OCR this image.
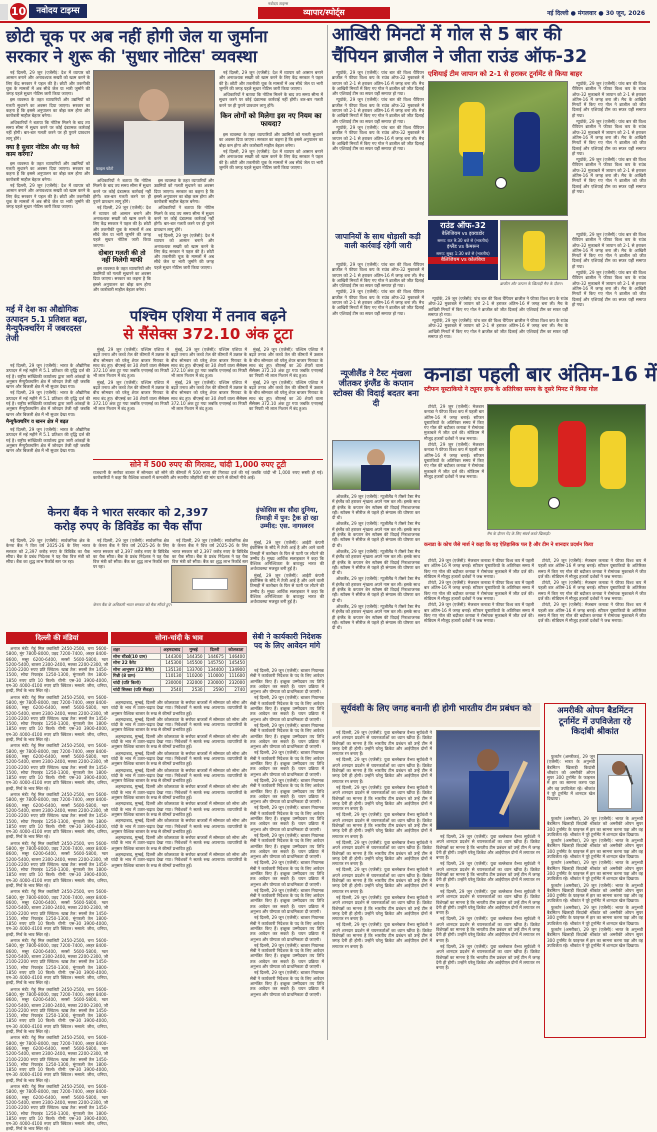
10	नवोदय टाइम्स
नवोदय टाइम्स
व्यापार/स्पोर्ट्स	नई दिल्ली ● मंगलवार ● 30 जून, 2026
छोटी चूक पर अब नहीं होगी जेल या जुर्माना
सरकार ने शुरू की 'सुधार नोटिस' व्यवस्था

नई दिल्ली, 29 जून (एजेंसी): देश में व्यापार को आसान बनाने और अनावश्यक सख्ती को खत्म करने के लिए केंद्र सरकार ने पहल की है। छोटी और तकनीकी चूक के मामलों में अब सीधे जेल या भारी जुर्माने की जगह पहले सुधार नोटिस जारी किया जाएगा।

इस व्यवस्था के तहत व्यापारियों और उद्यमियों को गलती सुधारने का अवसर दिया जाएगा। सरकार का कहना है कि इससे अनुपालन का बोझ कम होगा और कारोबारी माहौल बेहतर बनेगा।

अधिकारियों ने बताया कि नोटिस मिलने के बाद तय समय सीमा में सुधार करने पर कोई दंडात्मक कार्रवाई नहीं होगी। बार-बार गलती करने पर ही पुराने प्रावधान लागू होंगे।

क्या है सुधार नोटिस और यह कैसे काम करेगा?

इस व्यवस्था के तहत व्यापारियों और उद्यमियों को गलती सुधारने का अवसर दिया जाएगा। सरकार का कहना है कि इससे अनुपालन का बोझ कम होगा और कारोबारी माहौल बेहतर बनेगा।

नई दिल्ली, 29 जून (एजेंसी): देश में व्यापार को आसान बनाने और अनावश्यक सख्ती को खत्म करने के लिए केंद्र सरकार ने पहल की है। छोटी और तकनीकी चूक के मामलों में अब सीधे जेल या भारी जुर्माने की जगह पहले सुधार नोटिस जारी किया जाएगा।

फाइल फोटो

अधिकारियों ने बताया कि नोटिस मिलने के बाद तय समय सीमा में सुधार करने पर कोई दंडात्मक कार्रवाई नहीं होगी। बार-बार गलती करने पर ही पुराने प्रावधान लागू होंगे।

नई दिल्ली, 29 जून (एजेंसी): देश में व्यापार को आसान बनाने और अनावश्यक सख्ती को खत्म करने के लिए केंद्र सरकार ने पहल की है। छोटी और तकनीकी चूक के मामलों में अब सीधे जेल या भारी जुर्माने की जगह पहले सुधार नोटिस जारी किया जाएगा।

दोबारा गलती की तो नहीं मिलेगी माफी

इस व्यवस्था के तहत व्यापारियों और उद्यमियों को गलती सुधारने का अवसर दिया जाएगा। सरकार का कहना है कि इससे अनुपालन का बोझ कम होगा और कारोबारी माहौल बेहतर बनेगा।

इस व्यवस्था के तहत व्यापारियों और उद्यमियों को गलती सुधारने का अवसर दिया जाएगा। सरकार का कहना है कि इससे अनुपालन का बोझ कम होगा और कारोबारी माहौल बेहतर बनेगा।

अधिकारियों ने बताया कि नोटिस मिलने के बाद तय समय सीमा में सुधार करने पर कोई दंडात्मक कार्रवाई नहीं होगी। बार-बार गलती करने पर ही पुराने प्रावधान लागू होंगे।

नई दिल्ली, 29 जून (एजेंसी): देश में व्यापार को आसान बनाने और अनावश्यक सख्ती को खत्म करने के लिए केंद्र सरकार ने पहल की है। छोटी और तकनीकी चूक के मामलों में अब सीधे जेल या भारी जुर्माने की जगह पहले सुधार नोटिस जारी किया जाएगा।

नई दिल्ली, 29 जून (एजेंसी): देश में व्यापार को आसान बनाने और अनावश्यक सख्ती को खत्म करने के लिए केंद्र सरकार ने पहल की है। छोटी और तकनीकी चूक के मामलों में अब सीधे जेल या भारी जुर्माने की जगह पहले सुधार नोटिस जारी किया जाएगा।

अधिकारियों ने बताया कि नोटिस मिलने के बाद तय समय सीमा में सुधार करने पर कोई दंडात्मक कार्रवाई नहीं होगी। बार-बार गलती करने पर ही पुराने प्रावधान लागू होंगे।

किन लोगों को मिलेगा इस नए नियम का फायदा?

इस व्यवस्था के तहत व्यापारियों और उद्यमियों को गलती सुधारने का अवसर दिया जाएगा। सरकार का कहना है कि इससे अनुपालन का बोझ कम होगा और कारोबारी माहौल बेहतर बनेगा।

नई दिल्ली, 29 जून (एजेंसी): देश में व्यापार को आसान बनाने और अनावश्यक सख्ती को खत्म करने के लिए केंद्र सरकार ने पहल की है। छोटी और तकनीकी चूक के मामलों में अब सीधे जेल या भारी जुर्माने की जगह पहले सुधार नोटिस जारी किया जाएगा।

मई में देश का औद्योगिक उत्पादन 5.1 प्रतिशत बढ़ा, मैन्युफैक्चरिंग में जबरदस्त तेजी

नई दिल्ली, 29 जून (एजेंसी): भारत के औद्योगिक उत्पादन में मई महीने में 5.1 प्रतिशत की वृद्धि दर्ज की गई है। राष्ट्रीय सांख्यिकी कार्यालय द्वारा जारी आंकड़ों के अनुसार मैन्युफैक्चरिंग क्षेत्र में जोरदार तेजी रही जबकि खनन और बिजली क्षेत्र में भी सुधार देखा गया।

नई दिल्ली, 29 जून (एजेंसी): भारत के औद्योगिक उत्पादन में मई महीने में 5.1 प्रतिशत की वृद्धि दर्ज की गई है। राष्ट्रीय सांख्यिकी कार्यालय द्वारा जारी आंकड़ों के अनुसार मैन्युफैक्चरिंग क्षेत्र में जोरदार तेजी रही जबकि खनन और बिजली क्षेत्र में भी सुधार देखा गया।

मैन्युफैक्चरिंग व खनन क्षेत्र में बढ़त

नई दिल्ली, 29 जून (एजेंसी): भारत के औद्योगिक उत्पादन में मई महीने में 5.1 प्रतिशत की वृद्धि दर्ज की गई है। राष्ट्रीय सांख्यिकी कार्यालय द्वारा जारी आंकड़ों के अनुसार मैन्युफैक्चरिंग क्षेत्र में जोरदार तेजी रही जबकि खनन और बिजली क्षेत्र में भी सुधार देखा गया।

पश्चिम एशिया में तनाव बढ़ने
से सैंसेक्स 372.10 अंक टूटा

मुंबई, 29 जून (एजेंसी): पश्चिम एशिया में बढ़ते तनाव और कच्चे तेल की कीमतों में उछाल के बीच सोमवार को घरेलू शेयर बाजार गिरावट के साथ बंद हुए। बीएसई का 30 शेयरों वाला सैंसेक्स 372.10 अंक टूट गया जबकि एनएसई का निफ्टी भी लाल निशान में बंद हुआ।

मुंबई, 29 जून (एजेंसी): पश्चिम एशिया में बढ़ते तनाव और कच्चे तेल की कीमतों में उछाल के बीच सोमवार को घरेलू शेयर बाजार गिरावट के साथ बंद हुए। बीएसई का 30 शेयरों वाला सैंसेक्स 372.10 अंक टूट गया जबकि एनएसई का निफ्टी भी लाल निशान में बंद हुआ।

मुंबई, 29 जून (एजेंसी): पश्चिम एशिया में बढ़ते तनाव और कच्चे तेल की कीमतों में उछाल के बीच सोमवार को घरेलू शेयर बाजार गिरावट के साथ बंद हुए। बीएसई का 30 शेयरों वाला सैंसेक्स 372.10 अंक टूट गया जबकि एनएसई का निफ्टी भी लाल निशान में बंद हुआ।

मुंबई, 29 जून (एजेंसी): पश्चिम एशिया में बढ़ते तनाव और कच्चे तेल की कीमतों में उछाल के बीच सोमवार को घरेलू शेयर बाजार गिरावट के साथ बंद हुए। बीएसई का 30 शेयरों वाला सैंसेक्स 372.10 अंक टूट गया जबकि एनएसई का निफ्टी भी लाल निशान में बंद हुआ।

मुंबई, 29 जून (एजेंसी): पश्चिम एशिया में बढ़ते तनाव और कच्चे तेल की कीमतों में उछाल के बीच सोमवार को घरेलू शेयर बाजार गिरावट के साथ बंद हुए। बीएसई का 30 शेयरों वाला सैंसेक्स 372.10 अंक टूट गया जबकि एनएसई का निफ्टी भी लाल निशान में बंद हुआ।

मुंबई, 29 जून (एजेंसी): पश्चिम एशिया में बढ़ते तनाव और कच्चे तेल की कीमतों में उछाल के बीच सोमवार को घरेलू शेयर बाजार गिरावट के साथ बंद हुए। बीएसई का 30 शेयरों वाला सैंसेक्स 372.10 अंक टूट गया जबकि एनएसई का निफ्टी भी लाल निशान में बंद हुआ।

सोने में 500 रुपए की गिरावट, चांदी 1,000 रुपए टूटी
राजधानी के सर्राफा बाजार में सोमवार को सोने की कीमतों में 500 रुपए की गिरावट दर्ज की गई जबकि चांदी भी 1,000 रुपए सस्ती हो गई। कारोबारियों ने कहा कि वैश्विक बाजारों में कमजोरी और स्थानीय जौहरियों की मांग घटने से कीमतें नीचे आईं।
केनरा बैंक ने भारत सरकार को 2,397
करोड़ रुपए के डिविडेंड का चैक सौंपा

नई दिल्ली, 29 जून (एजेंसी): सार्वजनिक क्षेत्र के केनरा बैंक ने वित्त वर्ष 2025-26 के लिए भारत सरकार को 2,397 करोड़ रुपए के डिविडेंड का चैक सौंपा। बैंक के प्रबंध निदेशक ने यह चैक वित्त मंत्री को सौंपा। बैंक का शुद्ध लाभ रिकॉर्ड स्तर पर रहा।

नई दिल्ली, 29 जून (एजेंसी): सार्वजनिक क्षेत्र के केनरा बैंक ने वित्त वर्ष 2025-26 के लिए भारत सरकार को 2,397 करोड़ रुपए के डिविडेंड का चैक सौंपा। बैंक के प्रबंध निदेशक ने यह चैक वित्त मंत्री को सौंपा। बैंक का शुद्ध लाभ रिकॉर्ड स्तर पर रहा।

नई दिल्ली, 29 जून (एजेंसी): सार्वजनिक क्षेत्र के केनरा बैंक ने वित्त वर्ष 2025-26 के लिए भारत सरकार को 2,397 करोड़ रुपए के डिविडेंड का चैक सौंपा। बैंक के प्रबंध निदेशक ने यह चैक वित्त मंत्री को सौंपा। बैंक का शुद्ध लाभ रिकॉर्ड स्तर

इंफोसिस का सौदा दुनिया, तिमाही में पुन: ट्रैक हो रहा उम्मीद: एस. नागस्वरन

मुंबई, 29 जून (एजेंसी): आईटी कंपनी इंफोसिस के सौदे में तेजी आई है और आने वाली तिमाही में कारोबार के फिर से पटरी पर लौटने की उम्मीद है। मुख्य आर्थिक सलाहकार ने कहा कि वैश्विक अनिश्चितता के बावजूद भारत की अर्थव्यवस्था मजबूत बनी हुई है।

मुंबई, 29 जून (एजेंसी): आईटी कंपनी इंफोसिस के सौदे में तेजी आई है और आने वाली तिमाही में कारोबार के फिर से पटरी पर लौटने की उम्मीद है। मुख्य आर्थिक सलाहकार ने कहा कि वैश्विक अनिश्चितता के बावजूद भारत की अर्थव्यवस्था मजबूत बनी हुई है।

केनरा बैंक के अधिकारी भारत सरकार को चैक सौंपते हुए।
सेबी ने कार्यकारी निदेशक पद के लिए आवेदन मांगे

नई दिल्ली, 29 जून (एजेंसी): बाजार नियामक सेबी ने कार्यकारी निदेशक के पद के लिए आवेदन आमंत्रित किए हैं। इच्छुक उम्मीदवार तय तिथि तक आवेदन कर सकते हैं। चयन प्रक्रिया में अनुभव और योग्यता को प्राथमिकता दी जाएगी।

नई दिल्ली, 29 जून (एजेंसी): बाजार नियामक सेबी ने कार्यकारी निदेशक के पद के लिए आवेदन आमंत्रित किए हैं। इच्छुक उम्मीदवार तय तिथि तक आवेदन कर सकते हैं। चयन प्रक्रिया में अनुभव और योग्यता को प्राथमिकता दी जाएगी।

नई दिल्ली, 29 जून (एजेंसी): बाजार नियामक सेबी ने कार्यकारी निदेशक के पद के लिए आवेदन आमंत्रित किए हैं। इच्छुक उम्मीदवार तय तिथि तक आवेदन कर सकते हैं। चयन प्रक्रिया में अनुभव और योग्यता को प्राथमिकता दी जाएगी।

नई दिल्ली, 29 जून (एजेंसी): बाजार नियामक सेबी ने कार्यकारी निदेशक के पद के लिए आवेदन आमंत्रित किए हैं। इच्छुक उम्मीदवार तय तिथि तक आवेदन कर सकते हैं। चयन प्रक्रिया में अनुभव और योग्यता को प्राथमिकता दी जाएगी।

नई दिल्ली, 29 जून (एजेंसी): बाजार नियामक सेबी ने कार्यकारी निदेशक के पद के लिए आवेदन आमंत्रित किए हैं। इच्छुक उम्मीदवार तय तिथि तक आवेदन कर सकते हैं। चयन प्रक्रिया में अनुभव और योग्यता को प्राथमिकता दी जाएगी।

नई दिल्ली, 29 जून (एजेंसी): बाजार नियामक सेबी ने कार्यकारी निदेशक के पद के लिए आवेदन आमंत्रित किए हैं। इच्छुक उम्मीदवार तय तिथि तक आवेदन कर सकते हैं। चयन प्रक्रिया में अनुभव और योग्यता को प्राथमिकता दी जाएगी।

नई दिल्ली, 29 जून (एजेंसी): बाजार नियामक सेबी ने कार्यकारी निदेशक के पद के लिए आवेदन आमंत्रित किए हैं। इच्छुक उम्मीदवार तय तिथि तक आवेदन कर सकते हैं। चयन प्रक्रिया में अनुभव और योग्यता को प्राथमिकता दी जाएगी।

नई दिल्ली, 29 जून (एजेंसी): बाजार नियामक सेबी ने कार्यकारी निदेशक के पद के लिए आवेदन आमंत्रित किए हैं। इच्छुक उम्मीदवार तय तिथि तक आवेदन कर सकते हैं। चयन प्रक्रिया में अनुभव और योग्यता को प्राथमिकता दी जाएगी।

नई दिल्ली, 29 जून (एजेंसी): बाजार नियामक सेबी ने कार्यकारी निदेशक के पद के लिए आवेदन आमंत्रित किए हैं। इच्छुक उम्मीदवार तय तिथि तक आवेदन कर सकते हैं। चयन प्रक्रिया में अनुभव और योग्यता को प्राथमिकता दी जाएगी।

नई दिल्ली, 29 जून (एजेंसी): बाजार नियामक सेबी ने कार्यकारी निदेशक के पद के लिए आवेदन आमंत्रित किए हैं। इच्छुक उम्मीदवार तय तिथि तक आवेदन कर सकते हैं। चयन प्रक्रिया में अनुभव और योग्यता को प्राथमिकता दी जाएगी।

नई दिल्ली, 29 जून (एजेंसी): बाजार नियामक सेबी ने कार्यकारी निदेशक के पद के लिए आवेदन आमंत्रित किए हैं। इच्छुक उम्मीदवार तय तिथि तक आवेदन कर सकते हैं। चयन प्रक्रिया में अनुभव और योग्यता को प्राथमिकता दी जाएगी।

नई दिल्ली, 29 जून (एजेंसी): बाजार नियामक सेबी ने कार्यकारी निदेशक के पद के लिए आवेदन आमंत्रित किए हैं। इच्छुक उम्मीदवार तय तिथि तक आवेदन कर सकते हैं। चयन प्रक्रिया में अनुभव और योग्यता को प्राथमिकता दी जाएगी।

दिल्ली की मंडियां

अनाज मंडी: गेहूं मिल क्वालिटी 2450-2500, चना 5600-5800, मूंग 7800-8000, उड़द 7200-7400, अरहर 8400-8600, मसूर 6200-6400, सरसों 5600-5800, ग्वार 5200-5400, बाजरा 2300-2400, मक्का 2200-2300, जौ 2100-2200 रुपए प्रति क्विंटल। खाद्य तेल: सरसों तेल 1450-1500, सोया रिफाइंड 1250-1300, मूंगफली तेल 1800-1850 रुपए प्रति 10 किलो। चीनी: एस-30 3900-4000, एम-30 4000-4100 रुपए प्रति क्विंटल। मसाले: जीरा, धनिया, हल्दी, मिर्च के भाव स्थिर रहे।

अनाज मंडी: गेहूं मिल क्वालिटी 2450-2500, चना 5600-5800, मूंग 7800-8000, उड़द 7200-7400, अरहर 8400-8600, मसूर 6200-6400, सरसों 5600-5800, ग्वार 5200-5400, बाजरा 2300-2400, मक्का 2200-2300, जौ 2100-2200 रुपए प्रति क्विंटल। खाद्य तेल: सरसों तेल 1450-1500, सोया रिफाइंड 1250-1300, मूंगफली तेल 1800-1850 रुपए प्रति 10 किलो। चीनी: एस-30 3900-4000, एम-30 4000-4100 रुपए प्रति क्विंटल। मसाले: जीरा, धनिया, हल्दी, मिर्च के भाव स्थिर रहे।

अनाज मंडी: गेहूं मिल क्वालिटी 2450-2500, चना 5600-5800, मूंग 7800-8000, उड़द 7200-7400, अरहर 8400-8600, मसूर 6200-6400, सरसों 5600-5800, ग्वार 5200-5400, बाजरा 2300-2400, मक्का 2200-2300, जौ 2100-2200 रुपए प्रति क्विंटल। खाद्य तेल: सरसों तेल 1450-1500, सोया रिफाइंड 1250-1300, मूंगफली तेल 1800-1850 रुपए प्रति 10 किलो। चीनी: एस-30 3900-4000, एम-30 4000-4100 रुपए प्रति क्विंटल। मसाले: जीरा, धनिया, हल्दी, मिर्च के भाव स्थिर रहे।

अनाज मंडी: गेहूं मिल क्वालिटी 2450-2500, चना 5600-5800, मूंग 7800-8000, उड़द 7200-7400, अरहर 8400-8600, मसूर 6200-6400, सरसों 5600-5800, ग्वार 5200-5400, बाजरा 2300-2400, मक्का 2200-2300, जौ 2100-2200 रुपए प्रति क्विंटल। खाद्य तेल: सरसों तेल 1450-1500, सोया रिफाइंड 1250-1300, मूंगफली तेल 1800-1850 रुपए प्रति 10 किलो। चीनी: एस-30 3900-4000, एम-30 4000-4100 रुपए प्रति क्विंटल। मसाले: जीरा, धनिया, हल्दी, मिर्च के भाव स्थिर रहे।

अनाज मंडी: गेहूं मिल क्वालिटी 2450-2500, चना 5600-5800, मूंग 7800-8000, उड़द 7200-7400, अरहर 8400-8600, मसूर 6200-6400, सरसों 5600-5800, ग्वार 5200-5400, बाजरा 2300-2400, मक्का 2200-2300, जौ 2100-2200 रुपए प्रति क्विंटल। खाद्य तेल: सरसों तेल 1450-1500, सोया रिफाइंड 1250-1300, मूंगफली तेल 1800-1850 रुपए प्रति 10 किलो। चीनी: एस-30 3900-4000, एम-30 4000-4100 रुपए प्रति क्विंटल। मसाले: जीरा, धनिया, हल्दी, मिर्च के भाव स्थिर रहे।

अनाज मंडी: गेहूं मिल क्वालिटी 2450-2500, चना 5600-5800, मूंग 7800-8000, उड़द 7200-7400, अरहर 8400-8600, मसूर 6200-6400, सरसों 5600-5800, ग्वार 5200-5400, बाजरा 2300-2400, मक्का 2200-2300, जौ 2100-2200 रुपए प्रति क्विंटल। खाद्य तेल: सरसों तेल 1450-1500, सोया रिफाइंड 1250-1300, मूंगफली तेल 1800-1850 रुपए प्रति 10 किलो। चीनी: एस-30 3900-4000, एम-30 4000-4100 रुपए प्रति क्विंटल। मसाले: जीरा, धनिया, हल्दी, मिर्च के भाव स्थिर रहे।

अनाज मंडी: गेहूं मिल क्वालिटी 2450-2500, चना 5600-5800, मूंग 7800-8000, उड़द 7200-7400, अरहर 8400-8600, मसूर 6200-6400, सरसों 5600-5800, ग्वार 5200-5400, बाजरा 2300-2400, मक्का 2200-2300, जौ 2100-2200 रुपए प्रति क्विंटल। खाद्य तेल: सरसों तेल 1450-1500, सोया रिफाइंड 1250-1300, मूंगफली तेल 1800-1850 रुपए प्रति 10 किलो। चीनी: एस-30 3900-4000, एम-30 4000-4100 रुपए प्रति क्विंटल। मसाले: जीरा, धनिया, हल्दी, मिर्च के भाव स्थिर रहे।

अनाज मंडी: गेहूं मिल क्वालिटी 2450-2500, चना 5600-5800, मूंग 7800-8000, उड़द 7200-7400, अरहर 8400-8600, मसूर 6200-6400, सरसों 5600-5800, ग्वार 5200-5400, बाजरा 2300-2400, मक्का 2200-2300, जौ 2100-2200 रुपए प्रति क्विंटल। खाद्य तेल: सरसों तेल 1450-1500, सोया रिफाइंड 1250-1300, मूंगफली तेल 1800-1850 रुपए प्रति 10 किलो। चीनी: एस-30 3900-4000, एम-30 4000-4100 रुपए प्रति क्विंटल। मसाले: जीरा, धनिया, हल्दी, मिर्च के भाव स्थिर रहे।

अनाज मंडी: गेहूं मिल क्वालिटी 2450-2500, चना 5600-5800, मूंग 7800-8000, उड़द 7200-7400, अरहर 8400-8600, मसूर 6200-6400, सरसों 5600-5800, ग्वार 5200-5400, बाजरा 2300-2400, मक्का 2200-2300, जौ 2100-2200 रुपए प्रति क्विंटल। खाद्य तेल: सरसों तेल 1450-1500, सोया रिफाइंड 1250-1300, मूंगफली तेल 1800-1850 रुपए प्रति 10 किलो। चीनी: एस-30 3900-4000, एम-30 4000-4100 रुपए प्रति क्विंटल। मसाले: जीरा, धनिया, हल्दी, मिर्च के भाव स्थिर रहे।

अनाज मंडी: गेहूं मिल क्वालिटी 2450-2500, चना 5600-5800, मूंग 7800-8000, उड़द 7200-7400, अरहर 8400-8600, मसूर 6200-6400, सरसों 5600-5800, ग्वार 5200-5400, बाजरा 2300-2400, मक्का 2200-2300, जौ 2100-2200 रुपए प्रति क्विंटल। खाद्य तेल: सरसों तेल 1450-1500, सोया रिफाइंड 1250-1300, मूंगफली तेल 1800-1850 रुपए प्रति 10 किलो। चीनी: एस-30 3900-4000, एम-30 4000-4100 रुपए प्रति क्विंटल। मसाले: जीरा, धनिया, हल्दी, मिर्च के भाव स्थिर रहे।

सोना-चांदी के भाव
शहर	अहमदाबाद	मुम्बई	दिल्ली	कोलकाता
सोना स्टैंडर्ड(10 ग्राम)	144300	144350	144675	146400
सोना 22 कैरेट	145300	145500	145750	145450
सोना आभूषण (22 कैरेट)	135130	133700	134400	134900
गिन्नी (8 ग्राम)	110130	110200	110000	111600
चांदी (प्रति किलो)	230000	232000	230000	232000
चांदी सिक्का (प्रति सैंकड़ा)	2540	2530	2590	2740

अहमदाबाद, मुम्बई, दिल्ली और कोलकाता के सर्राफा बाजारों में सोमवार को सोना और चांदी के भाव में उतार-चढ़ाव देखा गया। निवेशकों ने सतर्क रुख अपनाया। व्यापारियों के अनुसार वैश्विक बाजार के रुख से कीमतें प्रभावित हुईं।

अहमदाबाद, मुम्बई, दिल्ली और कोलकाता के सर्राफा बाजारों में सोमवार को सोना और चांदी के भाव में उतार-चढ़ाव देखा गया। निवेशकों ने सतर्क रुख अपनाया। व्यापारियों के अनुसार वैश्विक बाजार के रुख से कीमतें प्रभावित हुईं।

अहमदाबाद, मुम्बई, दिल्ली और कोलकाता के सर्राफा बाजारों में सोमवार को सोना और चांदी के भाव में उतार-चढ़ाव देखा गया। निवेशकों ने सतर्क रुख अपनाया। व्यापारियों के अनुसार वैश्विक बाजार के रुख से कीमतें प्रभावित हुईं।

अहमदाबाद, मुम्बई, दिल्ली और कोलकाता के सर्राफा बाजारों में सोमवार को सोना और चांदी के भाव में उतार-चढ़ाव देखा गया। निवेशकों ने सतर्क रुख अपनाया। व्यापारियों के अनुसार वैश्विक बाजार के रुख से कीमतें प्रभावित हुईं।

अहमदाबाद, मुम्बई, दिल्ली और कोलकाता के सर्राफा बाजारों में सोमवार को सोना और चांदी के भाव में उतार-चढ़ाव देखा गया। निवेशकों ने सतर्क रुख अपनाया। व्यापारियों के अनुसार वैश्विक बाजार के रुख से कीमतें प्रभावित हुईं।

अहमदाबाद, मुम्बई, दिल्ली और कोलकाता के सर्राफा बाजारों में सोमवार को सोना और चांदी के भाव में उतार-चढ़ाव देखा गया। निवेशकों ने सतर्क रुख अपनाया। व्यापारियों के अनुसार वैश्विक बाजार के रुख से कीमतें प्रभावित हुईं।

अहमदाबाद, मुम्बई, दिल्ली और कोलकाता के सर्राफा बाजारों में सोमवार को सोना और चांदी के भाव में उतार-चढ़ाव देखा गया। निवेशकों ने सतर्क रुख अपनाया। व्यापारियों के अनुसार वैश्विक बाजार के रुख से कीमतें प्रभावित हुईं।

अहमदाबाद, मुम्बई, दिल्ली और कोलकाता के सर्राफा बाजारों में सोमवार को सोना और चांदी के भाव में उतार-चढ़ाव देखा गया। निवेशकों ने सतर्क रुख अपनाया। व्यापारियों के अनुसार वैश्विक बाजार के रुख से कीमतें प्रभावित हुईं।

अहमदाबाद, मुम्बई, दिल्ली और कोलकाता के सर्राफा बाजारों में सोमवार को सोना और चांदी के भाव में उतार-चढ़ाव देखा गया। निवेशकों ने सतर्क रुख अपनाया। व्यापारियों के अनुसार वैश्विक बाजार के रुख से कीमतें प्रभावित हुईं।

अहमदाबाद, मुम्बई, दिल्ली और कोलकाता के सर्राफा बाजारों में सोमवार को सोना और चांदी के भाव में उतार-चढ़ाव देखा गया। निवेशकों ने सतर्क रुख अपनाया। व्यापारियों के अनुसार वैश्विक बाजार के रुख से कीमतें प्रभावित हुईं।

आखिरी मिनटों में गोल से 5 बार की
चैंपियन ब्राजील ने जीता राउंड ऑफ-32
एशियाई टीम जापान को 2-1 से हराकर टूर्नामेंट से किया बाहर

न्यूयॉर्क, 29 जून (एजेंसी): पांच बार की विश्व चैंपियन ब्राजील ने फीफा विश्व कप के राउंड ऑफ-32 मुकाबले में जापान को 2-1 से हराकर अंतिम-16 में जगह बना ली। मैच के आखिरी मिनटों में किए गए गोल ने ब्राजील को जीत दिलाई और एशियाई टीम का सफर यहीं समाप्त हो गया।

न्यूयॉर्क, 29 जून (एजेंसी): पांच बार की विश्व चैंपियन ब्राजील ने फीफा विश्व कप के राउंड ऑफ-32 मुकाबले में जापान को 2-1 से हराकर अंतिम-16 में जगह बना ली। मैच के आखिरी मिनटों में किए गए गोल ने ब्राजील को जीत दिलाई और एशियाई टीम का सफर यहीं समाप्त हो गया।

न्यूयॉर्क, 29 जून (एजेंसी): पांच बार की विश्व चैंपियन ब्राजील ने फीफा विश्व कप के राउंड ऑफ-32 मुकाबले में जापान को 2-1 से हराकर अंतिम-16 में जगह बना ली। मैच के आखिरी मिनटों में किए गए गोल ने ब्राजील को जीत दिलाई और एशियाई टीम का सफर यहीं समाप्त हो गया।

न्यूयॉर्क, 29 जून (एजेंसी): पांच बार की विश्व चैंपियन ब्राजील ने फीफा विश्व कप के राउंड ऑफ-32 मुकाबले में जापान को 2-1 से हराकर अंतिम-16 में जगह बना ली। मैच के आखिरी मिनटों में किए गए गोल ने ब्राजील को जीत दिलाई और एशियाई टीम का सफर यहीं समाप्त हो गया।

न्यूयॉर्क, 29 जून (एजेंसी): पांच बार की विश्व चैंपियन ब्राजील ने फीफा विश्व कप के राउंड ऑफ-32 मुकाबले में जापान को 2-1 से हराकर अंतिम-16 में जगह बना ली। मैच के आखिरी मिनटों में किए गए गोल ने ब्राजील को जीत दिलाई और एशियाई टीम का सफर यहीं समाप्त हो गया।

न्यूयॉर्क, 29 जून (एजेंसी): पांच बार की विश्व चैंपियन ब्राजील ने फीफा विश्व कप के राउंड ऑफ-32 मुकाबले में जापान को 2-1 से हराकर अंतिम-16 में जगह बना ली। मैच के आखिरी मिनटों में किए गए गोल ने ब्राजील को जीत दिलाई और एशियाई टीम का सफर यहीं समाप्त हो गया।

जापानियों के साथ थोड़ासी कड़ी वाली कार्रवाई रहेगी जारी

न्यूयॉर्क, 29 जून (एजेंसी): पांच बार की विश्व चैंपियन ब्राजील ने फीफा विश्व कप के राउंड ऑफ-32 मुकाबले में जापान को 2-1 से हराकर अंतिम-16 में जगह बना ली। मैच के आखिरी मिनटों में किए गए गोल ने ब्राजील को जीत दिलाई और एशियाई टीम का सफर यहीं समाप्त हो गया।

न्यूयॉर्क, 29 जून (एजेंसी): पांच बार की विश्व चैंपियन ब्राजील ने फीफा विश्व कप के राउंड ऑफ-32 मुकाबले में जापान को 2-1 से हराकर अंतिम-16 में जगह बना ली। मैच के आखिरी मिनटों में किए गए गोल ने ब्राजील को जीत दिलाई और एशियाई टीम का सफर यहीं समाप्त हो गया।

राउंड ऑफ-32
बैलिजियम vs इक्वाडोर
समय: रात 9:30 बजे से (भारतीय)
इंग्लैंड vs कैमरून
समय: सुबह 1:30 बजे से (भारतीय)
बैलिजियम vs कोलंबिया
ब्राजील और जापान के खिलाड़ी मैच के दौरान।

न्यूयॉर्क, 29 जून (एजेंसी): पांच बार की विश्व चैंपियन ब्राजील ने फीफा विश्व कप के राउंड ऑफ-32 मुकाबले में जापान को 2-1 से हराकर अंतिम-16 में जगह बना ली। मैच के आखिरी मिनटों में किए गए गोल ने ब्राजील को जीत दिलाई और एशियाई टीम का सफर यहीं समाप्त हो गया।

न्यूयॉर्क, 29 जून (एजेंसी): पांच बार की विश्व चैंपियन ब्राजील ने फीफा विश्व कप के राउंड ऑफ-32 मुकाबले में जापान को 2-1 से हराकर अंतिम-16 में जगह बना ली। मैच के आखिरी मिनटों में किए गए गोल ने ब्राजील को जीत दिलाई और एशियाई टीम का सफर यहीं समाप्त हो गया।

न्यूयॉर्क, 29 जून (एजेंसी): पांच बार की विश्व चैंपियन ब्राजील ने फीफा विश्व कप के राउंड ऑफ-32 मुकाबले में जापान को 2-1 से हराकर अंतिम-16 में जगह बना ली। मैच के आखिरी मिनटों में किए गए गोल ने ब्राजील को जीत दिलाई और एशियाई टीम का सफर यहीं समाप्त हो गया।

न्यूयॉर्क, 29 जून (एजेंसी): पांच बार की विश्व चैंपियन ब्राजील ने फीफा विश्व कप के राउंड ऑफ-32 मुकाबले में जापान को 2-1 से हराकर अंतिम-16 में जगह बना ली। मैच के आखिरी मिनटों में किए गए गोल ने ब्राजील को जीत दिलाई और एशियाई टीम का सफर यहीं समाप्त हो गया।

न्यूजीलैंड ने टैस्ट शृंखला जीतकर इंग्लैंड के कप्तान स्टोक्स की विदाई बदतर बना दी

ऑकलैंड, 29 जून (एजेंसी): न्यूजीलैंड ने तीसरे टैस्ट मैच में इंग्लैंड को हराकर शृंखला अपने नाम कर ली। इसके साथ ही इंग्लैंड के कप्तान बेन स्टोक्स की विदाई निराशाजनक रही। स्टोक्स ने सीरीज से पहले ही संन्यास की घोषणा कर दी थी।

ऑकलैंड, 29 जून (एजेंसी): न्यूजीलैंड ने तीसरे टैस्ट मैच में इंग्लैंड को हराकर शृंखला अपने नाम कर ली। इसके साथ ही इंग्लैंड के कप्तान बेन स्टोक्स की विदाई निराशाजनक रही। स्टोक्स ने सीरीज से पहले ही संन्यास की घोषणा कर दी थी।

ऑकलैंड, 29 जून (एजेंसी): न्यूजीलैंड ने तीसरे टैस्ट मैच में इंग्लैंड को हराकर शृंखला अपने नाम कर ली। इसके साथ ही इंग्लैंड के कप्तान बेन स्टोक्स की विदाई निराशाजनक रही। स्टोक्स ने सीरीज से पहले ही संन्यास की घोषणा कर दी थी।

ऑकलैंड, 29 जून (एजेंसी): न्यूजीलैंड ने तीसरे टैस्ट मैच में इंग्लैंड को हराकर शृंखला अपने नाम कर ली। इसके साथ ही इंग्लैंड के कप्तान बेन स्टोक्स की विदाई निराशाजनक रही। स्टोक्स ने सीरीज से पहले ही संन्यास की घोषणा कर दी थी।

ऑकलैंड, 29 जून (एजेंसी): न्यूजीलैंड ने तीसरे टैस्ट मैच में इंग्लैंड को हराकर शृंखला अपने नाम कर ली। इसके साथ ही इंग्लैंड के कप्तान बेन स्टोक्स की विदाई निराशाजनक रही। स्टोक्स ने सीरीज से पहले ही संन्यास की घोषणा कर दी थी।

कनाडा पहली बार अंतिम-16 में
स्टीफन यूस्टाकियो ने ट्यूनर हाफ के अतिरिक्त समय के दूसरे मिनट में किया गोल

टोरंटो, 29 जून (एजेंसी): मेजबान कनाडा ने फीफा विश्व कप में पहली बार अंतिम-16 में जगह बनाई। स्टीफन यूस्टाकियो के अतिरिक्त समय में किए गए गोल की बदौलत कनाडा ने रोमांचक मुकाबले में जीत दर्ज की। स्टेडियम में मौजूद हजारों दर्शकों ने जश्न मनाया।

टोरंटो, 29 जून (एजेंसी): मेजबान कनाडा ने फीफा विश्व कप में पहली बार अंतिम-16 में जगह बनाई। स्टीफन यूस्टाकियो के अतिरिक्त समय में किए गए गोल की बदौलत कनाडा ने रोमांचक मुकाबले में जीत दर्ज की। स्टेडियम में मौजूद हजारों दर्शकों ने जश्न मनाया।

मैच के दौरान गेंद के लिए संघर्ष करते खिलाड़ी।
कनाडा के कोच जैसे मार्श ने कहा कि यह ऐतिहासिक पल है और टीम ने शानदार प्रदर्शन किया

टोरंटो, 29 जून (एजेंसी): मेजबान कनाडा ने फीफा विश्व कप में पहली बार अंतिम-16 में जगह बनाई। स्टीफन यूस्टाकियो के अतिरिक्त समय में किए गए गोल की बदौलत कनाडा ने रोमांचक मुकाबले में जीत दर्ज की। स्टेडियम में मौजूद हजारों दर्शकों ने जश्न मनाया।

टोरंटो, 29 जून (एजेंसी): मेजबान कनाडा ने फीफा विश्व कप में पहली बार अंतिम-16 में जगह बनाई। स्टीफन यूस्टाकियो के अतिरिक्त समय में किए गए गोल की बदौलत कनाडा ने रोमांचक मुकाबले में जीत दर्ज की। स्टेडियम में मौजूद हजारों दर्शकों ने जश्न मनाया।

टोरंटो, 29 जून (एजेंसी): मेजबान कनाडा ने फीफा विश्व कप में पहली बार अंतिम-16 में जगह बनाई। स्टीफन यूस्टाकियो के अतिरिक्त समय में किए गए गोल की बदौलत कनाडा ने रोमांचक मुकाबले में जीत दर्ज की। स्टेडियम में मौजूद हजारों दर्शकों ने जश्न मनाया।

टोरंटो, 29 जून (एजेंसी): मेजबान कनाडा ने फीफा विश्व कप में पहली बार अंतिम-16 में जगह बनाई। स्टीफन यूस्टाकियो के अतिरिक्त समय में किए गए गोल की बदौलत कनाडा ने रोमांचक मुकाबले में जीत दर्ज की। स्टेडियम में मौजूद हजारों दर्शकों ने जश्न मनाया।

टोरंटो, 29 जून (एजेंसी): मेजबान कनाडा ने फीफा विश्व कप में पहली बार अंतिम-16 में जगह बनाई। स्टीफन यूस्टाकियो के अतिरिक्त समय में किए गए गोल की बदौलत कनाडा ने रोमांचक मुकाबले में जीत दर्ज की। स्टेडियम में मौजूद हजारों दर्शकों ने जश्न मनाया।

टोरंटो, 29 जून (एजेंसी): मेजबान कनाडा ने फीफा विश्व कप में पहली बार अंतिम-16 में जगह बनाई। स्टीफन यूस्टाकियो के अतिरिक्त समय में किए गए गोल की बदौलत कनाडा ने रोमांचक मुकाबले में जीत दर्ज की। स्टेडियम में मौजूद हजारों दर्शकों ने जश्न मनाया।

सूर्यवंशी के लिए जगह बनानी ही होगी भारतीय टीम प्रबंधन को

नई दिल्ली, 29 जून (एजेंसी): युवा बल्लेबाज वैभव सूर्यवंशी ने अपने शानदार प्रदर्शन से चयनकर्ताओं का ध्यान खींचा है। क्रिकेट विशेषज्ञों का मानना है कि भारतीय टीम प्रबंधन को उन्हें टीम में जगह देनी ही होगी। उन्होंने घरेलू क्रिकेट और आईपीएल दोनों में लगातार रन बनाए हैं।

नई दिल्ली, 29 जून (एजेंसी): युवा बल्लेबाज वैभव सूर्यवंशी ने अपने शानदार प्रदर्शन से चयनकर्ताओं का ध्यान खींचा है। क्रिकेट विशेषज्ञों का मानना है कि भारतीय टीम प्रबंधन को उन्हें टीम में जगह देनी ही होगी। उन्होंने घरेलू क्रिकेट और आईपीएल दोनों में लगातार रन बनाए हैं।

नई दिल्ली, 29 जून (एजेंसी): युवा बल्लेबाज वैभव सूर्यवंशी ने अपने शानदार प्रदर्शन से चयनकर्ताओं का ध्यान खींचा है। क्रिकेट विशेषज्ञों का मानना है कि भारतीय टीम प्रबंधन को उन्हें टीम में जगह देनी ही होगी। उन्होंने घरेलू क्रिकेट और आईपीएल दोनों में लगातार रन बनाए हैं।

नई दिल्ली, 29 जून (एजेंसी): युवा बल्लेबाज वैभव सूर्यवंशी ने अपने शानदार प्रदर्शन से चयनकर्ताओं का ध्यान खींचा है। क्रिकेट विशेषज्ञों का मानना है कि भारतीय टीम प्रबंधन को उन्हें टीम में जगह देनी ही होगी। उन्होंने घरेलू क्रिकेट और आईपीएल दोनों में लगातार रन बनाए हैं।

नई दिल्ली, 29 जून (एजेंसी): युवा बल्लेबाज वैभव सूर्यवंशी ने अपने शानदार प्रदर्शन से चयनकर्ताओं का ध्यान खींचा है। क्रिकेट विशेषज्ञों का मानना है कि भारतीय टीम प्रबंधन को उन्हें टीम में जगह देनी ही होगी। उन्होंने घरेलू क्रिकेट और आईपीएल दोनों में लगातार रन बनाए हैं।

नई दिल्ली, 29 जून (एजेंसी): युवा बल्लेबाज वैभव सूर्यवंशी ने अपने शानदार प्रदर्शन से चयनकर्ताओं का ध्यान खींचा है। क्रिकेट विशेषज्ञों का मानना है कि भारतीय टीम प्रबंधन को उन्हें टीम में जगह देनी ही होगी। उन्होंने घरेलू क्रिकेट और आईपीएल दोनों में लगातार रन बनाए हैं।

नई दिल्ली, 29 जून (एजेंसी): युवा बल्लेबाज वैभव सूर्यवंशी ने अपने शानदार प्रदर्शन से चयनकर्ताओं का ध्यान खींचा है। क्रिकेट विशेषज्ञों का मानना है कि भारतीय टीम प्रबंधन को उन्हें टीम में जगह देनी ही होगी। उन्होंने घरेलू क्रिकेट और आईपीएल दोनों में लगातार रन बनाए हैं।

नई दिल्ली, 29 जून (एजेंसी): युवा बल्लेबाज वैभव सूर्यवंशी ने अपने शानदार प्रदर्शन से चयनकर्ताओं का ध्यान खींचा है। क्रिकेट विशेषज्ञों का मानना है कि भारतीय टीम प्रबंधन को उन्हें टीम में जगह देनी ही होगी। उन्होंने घरेलू क्रिकेट और आईपीएल दोनों में लगातार रन बनाए हैं।

नई दिल्ली, 29 जून (एजेंसी): युवा बल्लेबाज वैभव सूर्यवंशी ने अपने शानदार प्रदर्शन से चयनकर्ताओं का ध्यान खींचा है। क्रिकेट विशेषज्ञों का मानना है कि भारतीय टीम प्रबंधन को उन्हें टीम में जगह देनी ही होगी। उन्होंने घरेलू क्रिकेट और आईपीएल दोनों में लगातार रन बनाए हैं।

नई दिल्ली, 29 जून (एजेंसी): युवा बल्लेबाज वैभव सूर्यवंशी ने अपने शानदार प्रदर्शन से चयनकर्ताओं का ध्यान खींचा है। क्रिकेट विशेषज्ञों का मानना है कि भारतीय टीम प्रबंधन को उन्हें टीम में जगह देनी ही होगी। उन्होंने घरेलू क्रिकेट और आईपीएल दोनों में लगातार रन बनाए हैं।

नई दिल्ली, 29 जून (एजेंसी): युवा बल्लेबाज वैभव सूर्यवंशी ने अपने शानदार प्रदर्शन से चयनकर्ताओं का ध्यान खींचा है। क्रिकेट विशेषज्ञों का मानना है कि भारतीय टीम प्रबंधन को उन्हें टीम में जगह देनी ही होगी। उन्होंने घरेलू क्रिकेट और आईपीएल दोनों में लगातार रन बनाए हैं।

नई दिल्ली, 29 जून (एजेंसी): युवा बल्लेबाज वैभव सूर्यवंशी ने अपने शानदार प्रदर्शन से चयनकर्ताओं का ध्यान खींचा है। क्रिकेट विशेषज्ञों का मानना है कि भारतीय टीम प्रबंधन को उन्हें टीम में जगह देनी ही होगी। उन्होंने घरेलू क्रिकेट और आईपीएल दोनों में लगातार रन बनाए हैं।

नई दिल्ली, 29 जून (एजेंसी): युवा बल्लेबाज वैभव सूर्यवंशी ने अपने शानदार प्रदर्शन से चयनकर्ताओं का ध्यान खींचा है। क्रिकेट विशेषज्ञों का मानना है कि भारतीय टीम प्रबंधन को उन्हें टीम में जगह देनी ही होगी। उन्होंने घरेलू क्रिकेट और आईपीएल दोनों में लगातार रन बनाए हैं।

अमरीकी ओपन बैडमिंटन टूर्नामेंट में उपविजेता रहे किदांबी श्रीकांत

फुलर्टन (अमरीका), 29 जून (एजेंसी): भारत के अनुभवी बैडमिंटन खिलाड़ी किदांबी श्रीकांत को अमरीकी ओपन सुपर 300 टूर्नामेंट के फाइनल में हार का सामना करना पड़ा और वह उपविजेता रहे। श्रीकांत ने पूरे टूर्नामेंट में शानदार खेल दिखाया।

फुलर्टन (अमरीका), 29 जून (एजेंसी): भारत के अनुभवी बैडमिंटन खिलाड़ी किदांबी श्रीकांत को अमरीकी ओपन सुपर 300 टूर्नामेंट के फाइनल में हार का सामना करना पड़ा और वह उपविजेता रहे। श्रीकांत ने पूरे टूर्नामेंट में शानदार खेल दिखाया।

फुलर्टन (अमरीका), 29 जून (एजेंसी): भारत के अनुभवी बैडमिंटन खिलाड़ी किदांबी श्रीकांत को अमरीकी ओपन सुपर 300 टूर्नामेंट के फाइनल में हार का सामना करना पड़ा और वह उपविजेता रहे। श्रीकांत ने पूरे टूर्नामेंट में शानदार खेल दिखाया।

फुलर्टन (अमरीका), 29 जून (एजेंसी): भारत के अनुभवी बैडमिंटन खिलाड़ी किदांबी श्रीकांत को अमरीकी ओपन सुपर 300 टूर्नामेंट के फाइनल में हार का सामना करना पड़ा और वह उपविजेता रहे। श्रीकांत ने पूरे टूर्नामेंट में शानदार खेल दिखाया।

फुलर्टन (अमरीका), 29 जून (एजेंसी): भारत के अनुभवी बैडमिंटन खिलाड़ी किदांबी श्रीकांत को अमरीकी ओपन सुपर 300 टूर्नामेंट के फाइनल में हार का सामना करना पड़ा और वह उपविजेता रहे। श्रीकांत ने पूरे टूर्नामेंट में शानदार खेल दिखाया।

फुलर्टन (अमरीका), 29 जून (एजेंसी): भारत के अनुभवी बैडमिंटन खिलाड़ी किदांबी श्रीकांत को अमरीकी ओपन सुपर 300 टूर्नामेंट के फाइनल में हार का सामना करना पड़ा और वह उपविजेता रहे। श्रीकांत ने पूरे टूर्नामेंट में शानदार खेल दिखाया।

फुलर्टन (अमरीका), 29 जून (एजेंसी): भारत के अनुभवी बैडमिंटन खिलाड़ी किदांबी श्रीकांत को अमरीकी ओपन सुपर 300 टूर्नामेंट के फाइनल में हार का सामना करना पड़ा और वह उपविजेता रहे। श्रीकांत ने पूरे टूर्नामेंट में शानदार खेल दिखाया।
